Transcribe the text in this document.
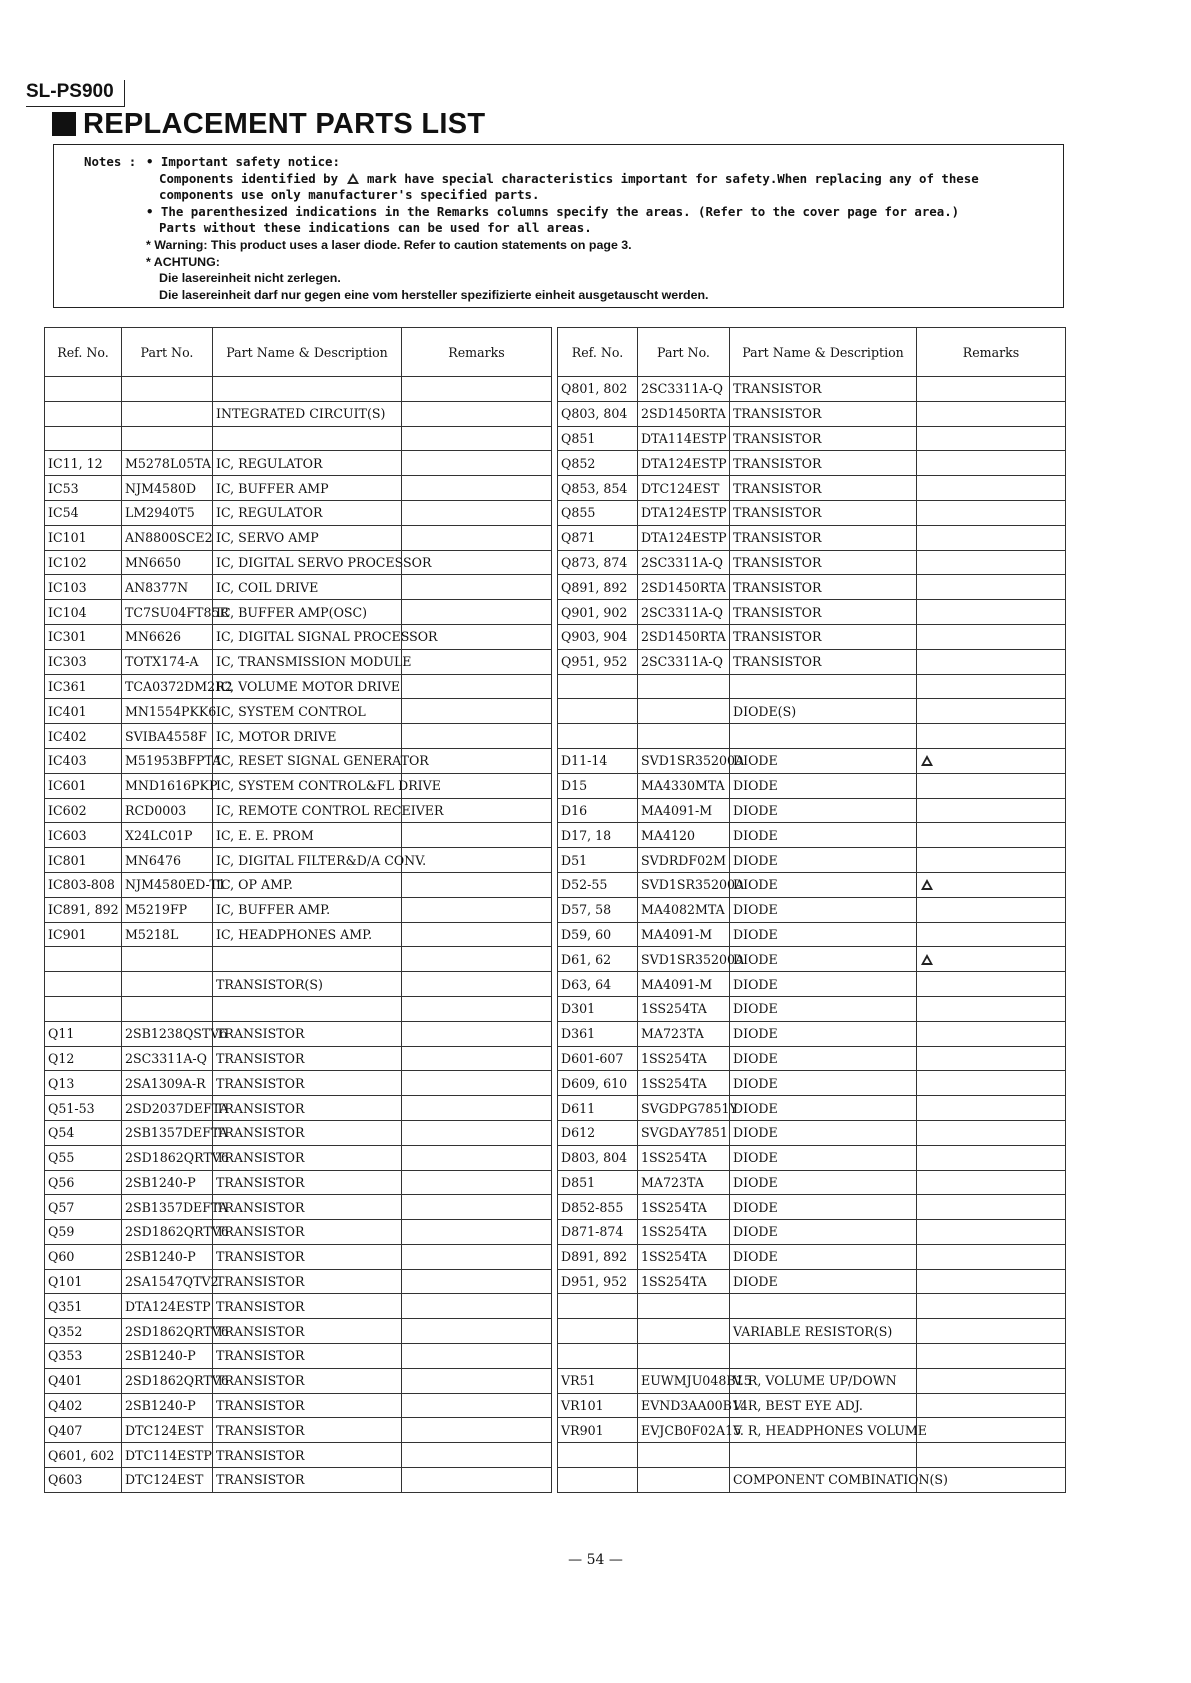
SL-PS900
REPLACEMENT PARTS LIST
Notes : • Important safety notice:
Components identified by mark have special characteristics important for safety.When replacing any of these
components use only manufacturer's specified parts.
• The parenthesized indications in the Remarks columns specify the areas. (Refer to the cover page for area.)
Parts without these indications can be used for all areas.
* Warning: This product uses a laser diode. Refer to caution statements on page 3.
* ACHTUNG:
Die lasereinheit nicht zerlegen.
Die lasereinheit darf nur gegen eine vom hersteller spezifizierte einheit ausgetauscht werden.
Ref. No.	Part No.	Part Name & Description	Remarks

		INTEGRATED CIRCUIT(S)	

IC11, 12	M5278L05TA	IC, REGULATOR	
IC53	NJM4580D	IC, BUFFER AMP	
IC54	LM2940T5	IC, REGULATOR	
IC101	AN8800SCE2	IC, SERVO AMP	
IC102	MN6650	IC, DIGITAL SERVO PROCESSOR	
IC103	AN8377N	IC, COIL DRIVE	
IC104	TC7SU04FT85R	IC, BUFFER AMP(OSC)	
IC301	MN6626	IC, DIGITAL SIGNAL PROCESSOR	
IC303	TOTX174-A	IC, TRANSMISSION MODULE	
IC361	TCA0372DM2R2	IC, VOLUME MOTOR DRIVE	
IC401	MN1554PKK6	IC, SYSTEM CONTROL	
IC402	SVIBA4558F	IC, MOTOR DRIVE	
IC403	M51953BFPTA	IC, RESET SIGNAL GENERATOR	
IC601	MND1616PKP	IC, SYSTEM CONTROL&FL DRIVE	
IC602	RCD0003	IC, REMOTE CONTROL RECEIVER	
IC603	X24LC01P	IC, E. E. PROM	
IC801	MN6476	IC, DIGITAL FILTER&D/A CONV.	
IC803-808	NJM4580ED-T1	IC, OP AMP.	
IC891, 892	M5219FP	IC, BUFFER AMP.	
IC901	M5218L	IC, HEADPHONES AMP.	

		TRANSISTOR(S)	

Q11	2SB1238QSTV6	TRANSISTOR	
Q12	2SC3311A-Q	TRANSISTOR	
Q13	2SA1309A-R	TRANSISTOR	
Q51-53	2SD2037DEFTA	TRANSISTOR	
Q54	2SB1357DEFTA	TRANSISTOR	
Q55	2SD1862QRTV6	TRANSISTOR	
Q56	2SB1240-P	TRANSISTOR	
Q57	2SB1357DEFTA	TRANSISTOR	
Q59	2SD1862QRTV6	TRANSISTOR	
Q60	2SB1240-P	TRANSISTOR	
Q101	2SA1547QTV2	TRANSISTOR	
Q351	DTA124ESTP	TRANSISTOR	
Q352	2SD1862QRTV6	TRANSISTOR	
Q353	2SB1240-P	TRANSISTOR	
Q401	2SD1862QRTV6	TRANSISTOR	
Q402	2SB1240-P	TRANSISTOR	
Q407	DTC124EST	TRANSISTOR	
Q601, 602	DTC114ESTP	TRANSISTOR	
Q603	DTC124EST	TRANSISTOR	
Ref. No.	Part No.	Part Name & Description	Remarks
Q801, 802	2SC3311A-Q	TRANSISTOR	
Q803, 804	2SD1450RTA	TRANSISTOR	
Q851	DTA114ESTP	TRANSISTOR	
Q852	DTA124ESTP	TRANSISTOR	
Q853, 854	DTC124EST	TRANSISTOR	
Q855	DTA124ESTP	TRANSISTOR	
Q871	DTA124ESTP	TRANSISTOR	
Q873, 874	2SC3311A-Q	TRANSISTOR	
Q891, 892	2SD1450RTA	TRANSISTOR	
Q901, 902	2SC3311A-Q	TRANSISTOR	
Q903, 904	2SD1450RTA	TRANSISTOR	
Q951, 952	2SC3311A-Q	TRANSISTOR	

		DIODE(S)	

D11-14	SVD1SR35200A	DIODE	
D15	MA4330MTA	DIODE	
D16	MA4091-M	DIODE	
D17, 18	MA4120	DIODE	
D51	SVDRDF02M	DIODE	
D52-55	SVD1SR35200A	DIODE	
D57, 58	MA4082MTA	DIODE	
D59, 60	MA4091-M	DIODE	
D61, 62	SVD1SR35200A	DIODE	
D63, 64	MA4091-M	DIODE	
D301	1SS254TA	DIODE	
D361	MA723TA	DIODE	
D601-607	1SS254TA	DIODE	
D609, 610	1SS254TA	DIODE	
D611	SVGDPG7851Y	DIODE	
D612	SVGDAY7851	DIODE	
D803, 804	1SS254TA	DIODE	
D851	MA723TA	DIODE	
D852-855	1SS254TA	DIODE	
D871-874	1SS254TA	DIODE	
D891, 892	1SS254TA	DIODE	
D951, 952	1SS254TA	DIODE	

		VARIABLE RESISTOR(S)	

VR51	EUWMJU048B15	V. R, VOLUME UP/DOWN	
VR101	EVND3AA00B14	V. R, BEST EYE ADJ.	
VR901	EVJCB0F02A15	V. R, HEADPHONES VOLUME	

		COMPONENT COMBINATION(S)	
— 54 —
